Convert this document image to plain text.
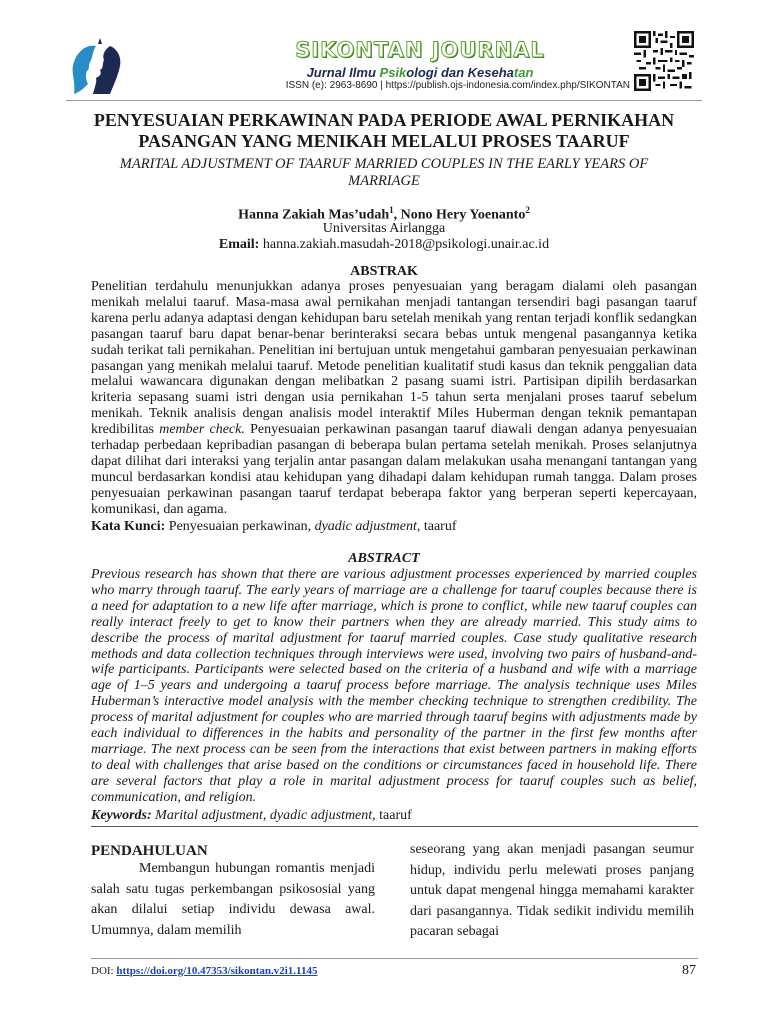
SIKONTAN JOURNAL
Jurnal Ilmu Psikologi dan Kesehatan
ISSN (e): 2963-8690 | https://publish.ojs-indonesia.com/index.php/SIKONTAN
PENYESUAIAN PERKAWINAN PADA PERIODE AWAL PERNIKAHAN
PASANGAN YANG MENIKAH MELALUI PROSES TAARUF
MARITAL ADJUSTMENT OF TAARUF MARRIED COUPLES IN THE EARLY YEARS OF MARRIAGE
Hanna Zakiah Mas’udah$^1$, Nono Hery Yoenanto$^2$
Universitas Airlangga
Email: hanna.zakiah.masudah-2018@psikologi.unair.ac.id
ABSTRAK
Penelitian terdahulu menunjukkan adanya proses penyesuaian yang beragam dialami oleh pasangan menikah melalui taaruf. Masa-masa awal pernikahan menjadi tantangan tersendiri bagi pasangan taaruf karena perlu adanya adaptasi dengan kehidupan baru setelah menikah yang rentan terjadi konflik sedangkan pasangan taaruf baru dapat benar-benar berinteraksi secara bebas untuk mengenal pasangannya ketika sudah terikat tali pernikahan. Penelitian ini bertujuan untuk mengetahui gambaran penyesuaian perkawinan pasangan yang menikah melalui taaruf. Metode penelitian kualitatif studi kasus dan teknik penggalian data melalui wawancara digunakan dengan melibatkan 2 pasang suami istri. Partisipan dipilih berdasarkan kriteria sepasang suami istri dengan usia pernikahan 1-5 tahun serta menjalani proses taaruf sebelum menikah. Teknik analisis dengan analisis model interaktif Miles Huberman dengan teknik pemantapan kredibilitas member check. Penyesuaian perkawinan pasangan taaruf diawali dengan adanya penyesuaian terhadap perbedaan kepribadian pasangan di beberapa bulan pertama setelah menikah. Proses selanjutnya dapat dilihat dari interaksi yang terjalin antar pasangan dalam melakukan usaha menangani tantangan yang muncul berdasarkan kondisi atau kehidupan yang dihadapi dalam kehidupan rumah tangga. Dalam proses penyesuaian perkawinan pasangan taaruf terdapat beberapa faktor yang berperan seperti kepercayaan, komunikasi, dan agama.
Kata Kunci: Penyesuaian perkawinan, dyadic adjustment, taaruf
ABSTRACT
Previous research has shown that there are various adjustment processes experienced by married couples who marry through taaruf. The early years of marriage are a challenge for taaruf couples because there is a need for adaptation to a new life after marriage, which is prone to conflict, while new taaruf couples can really interact freely to get to know their partners when they are already married. This study aims to describe the process of marital adjustment for taaruf married couples. Case study qualitative research methods and data collection techniques through interviews were used, involving two pairs of husband-and-wife participants. Participants were selected based on the criteria of a husband and wife with a marriage age of 1–5 years and undergoing a taaruf process before marriage. The analysis technique uses Miles Huberman’s interactive model analysis with the member checking technique to strengthen credibility. The process of marital adjustment for couples who are married through taaruf begins with adjustments made by each individual to differences in the habits and personality of the partner in the first few months after marriage. The next process can be seen from the interactions that exist between partners in making efforts to deal with challenges that arise based on the conditions or circumstances faced in household life. There are several factors that play a role in marital adjustment process for taaruf couples such as belief, communication, and religion.
Keywords: Marital adjustment, dyadic adjustment, taaruf
PENDAHULUAN
Membangun hubungan romantis menjadi salah satu tugas perkembangan psikososial yang akan dilalui setiap individu dewasa awal. Umumnya, dalam memilih
seseorang yang akan menjadi pasangan seumur hidup, individu perlu melewati proses panjang untuk dapat mengenal hingga memahami karakter dari pasangannya. Tidak sedikit individu memilih pacaran sebagai
DOI: https://doi.org/10.47353/sikontan.v2i1.1145	87
